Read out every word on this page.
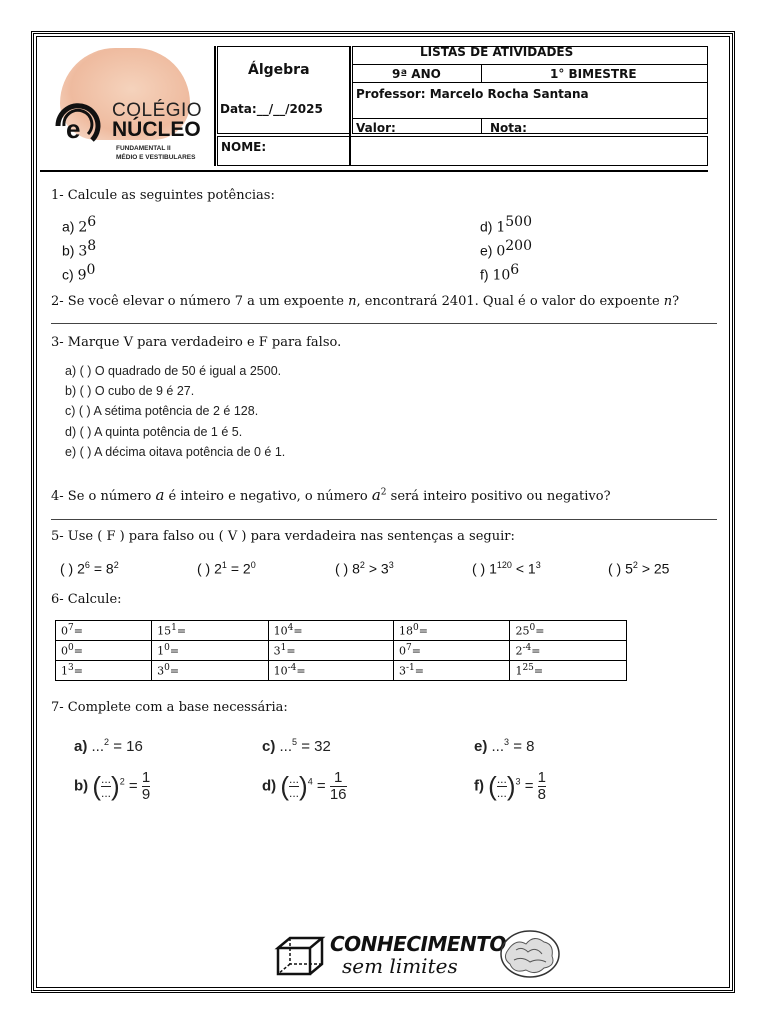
e
COLÉGIO
NÚCLEO
FUNDAMENTAL II
MÉDIO E VESTIBULARES
Álgebra
Data:__/__/2025
LISTAS DE ATIVIDADES
9ª ANO	1° BIMESTRE
Professor: Marcelo Rocha Santana
Valor:	Nota:
NOME:
1- Calcule as seguintes potências:
a) $2^6$
b) $3^8$
c) $9^0$
d) $1^{500}$
e) $0^{200}$
f) $10^6$
2- Se você elevar o número 7 a um expoente n, encontrará 2401. Qual é o valor do expoente n?
3- Marque V para verdadeiro e F para falso.
a) ( ) O quadrado de 50 é igual a 2500.
b) ( ) O cubo de 9 é 27.
c) ( ) A sétima potência de 2 é 128.
d) ( ) A quinta potência de 1 é 5.
e) ( ) A décima oitava potência de 0 é 1.
4- Se o número a é inteiro e negativo, o número $a^2$ será inteiro positivo ou negativo?
5- Use ( F ) para falso ou ( V ) para verdadeira nas sentenças a seguir:
( ) $2^6 = 8^2$	( ) $2^1 = 2^0$	( ) $8^2 > 3^3$	( ) $1^{120} < 1^3$	( ) $5^2 > 25$
6- Calcule:
$0^7=$	$15^1=$	$10^4=$	$18^0=$	$25^0=$
$0^0=$	$1^0=$	$3^1=$	$0^7=$	$2^{-4}=$
$1^3=$	$3^0=$	$10^{-4}=$	$3^{-1}=$	$1^{25}=$
7- Complete com a base necessária:
a) ...$^2$ = 16	c) ...$^5$ = 32	e) ...$^3$ = 8
b) ( $\frac{...}{...} )^2 = \frac{1}{9}$	d) ( $\frac{...}{...} )^4 = \frac{1}{16}$	f) ( $\frac{...}{...} )^3 = \frac{1}{8}$
CONHECIMENTO
sem limites
